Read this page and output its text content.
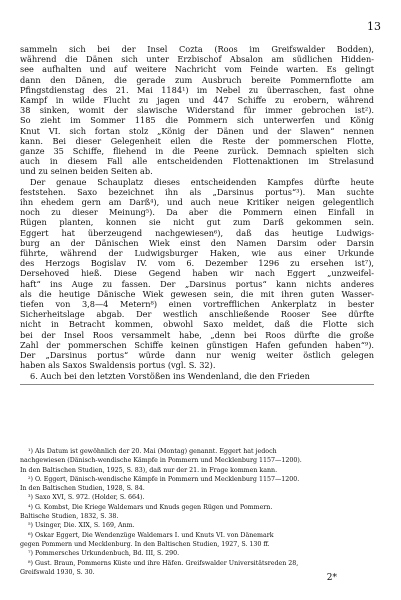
13
sammeln sich bei der Insel Cozta (Roos im Greifswalder Bodden),
während die Dänen sich unter Erzbischof Absalon am südlichen Hidden-
see aufhalten und auf weitere Nachricht vom Feinde warten. Es gelingt
dann den Dänen, die gerade zum Ausbruch bereite Pommernflotte am
Pfingstdienstag des 21. Mai 1184¹) im Nebel zu überraschen, fast ohne
Kampf in wilde Flucht zu jagen und 447 Schiffe zu erobern, während
38 sinken, womit der slawische Widerstand für immer gebrochen ist²).
So zieht im Sommer 1185 die Pommern sich unterwerfen und König
Knut VI. sich fortan stolz „König der Dänen und der Slawen“ nennen
kann. Bei dieser Gelegenheit eilen die Reste der pommerschen Flotte,
ganze 35 Schiffe, fliehend in die Peene zurück. Demnach spielten sich
auch in diesem Fall alle entscheidenden Flottenaktionen im Strelasund
und zu seinen beiden Seiten ab.
Der genaue Schauplatz dieses entscheidenden Kampfes dürfte heute
feststehen. Saxo bezeichnet ihn als „Darsinus portus“³). Man suchte
ihn ehedem gern am Darß⁴), und auch neue Kritiker neigen gelegentlich
noch zu dieser Meinung⁵). Da aber die Pommern einen Einfall in
Rügen planten, konnen sie nicht gut zum Darß gekommen sein.
Eggert hat überzeugend nachgewiesen⁶), daß das heutige Ludwigs-
burg an der Dänischen Wiek einst den Namen Darsim oder Darsin
führte, während der Ludwigsburger Haken, wie aus einer Urkunde
des Herzogs Bogislav IV. vom 6. Dezember 1296 zu ersehen ist⁷),
Dersehoved hieß. Diese Gegend haben wir nach Eggert „unzweifel-
haft“ ins Auge zu fassen. Der „Darsinus portus“ kann nichts anderes
als die heutige Dänische Wiek gewesen sein, die mit ihren guten Wasser-
tiefen von 3,8—4 Metern⁸) einen vortrefflichen Ankerplatz in bester
Sicherheitslage abgab. Der westlich anschließende Rooser See dürfte
nicht in Betracht kommen, obwohl Saxo meldet, daß die Flotte sich
bei der Insel Roos versammelt habe, „denn bei Roos dürfte die große
Zahl der pommerschen Schiffe keinen günstigen Hafen gefunden haben“⁹).
Der „Darsinus portus“ würde dann nur wenig weiter östlich gelegen
haben als Saxos Swaldensis portus (vgl. S. 32).
6. Auch bei den letzten Vorstößen ins Wendenland, die den Frieden
¹) Als Datum ist gewöhnlich der 20. Mai (Montag) genannt. Eggert hat jedoch
nachgewiesen (Dänisch-wendische Kämpfe in Pommern und Mecklenburg 1157—1200).
In den Baltischen Studien, 1925, S. 83), daß nur der 21. in Frage kommen kann.
²) O. Eggert, Dänisch-wendische Kämpfe in Pommern und Mecklenburg 1157—1200.
In den Baltischen Studien, 1928, S. 84.
³) Saxo XVI, S. 972. (Holder, S. 664).
⁴) G. Kombst, Die Kriege Waldemars und Knuds gegen Rügen und Pommern.
Baltische Studien, 1832, S. 38.
⁵) Usinger, Die. XIX, S. 169, Anm.
⁶) Oskar Eggert, Die Wendenzüge Waldemars I. und Knuts VI. von Dänemark
gegen Pommern und Mecklenburg. In den Baltischen Studien, 1927, S. 130 ff.
⁷) Pommersches Urkundenbuch, Bd. III, S. 290.
⁸) Gust. Braun, Pommerns Küste und ihre Häfen. Greifswalder Universitätsreden 28,
Greifswald 1930, S. 30.
2*
